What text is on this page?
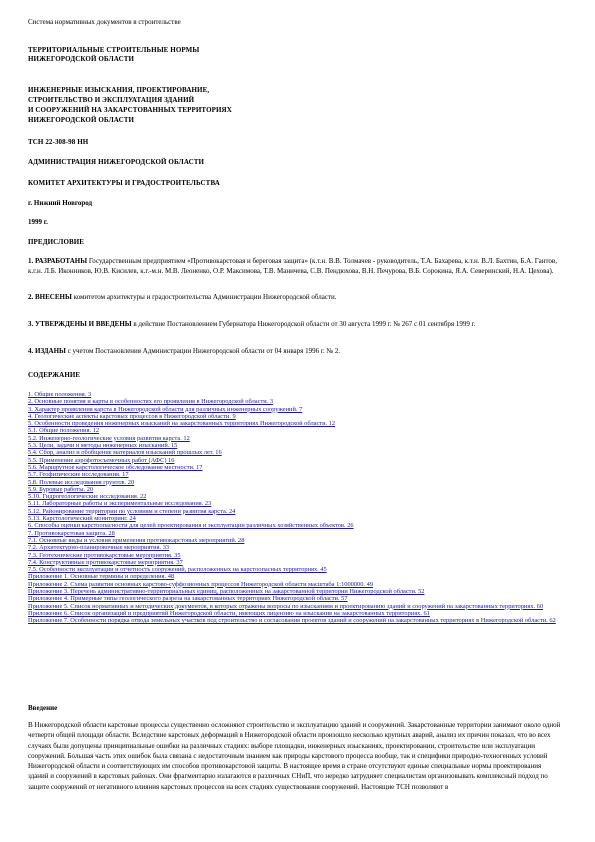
Система нормативных документов в строительстве
ТЕРРИТОРИАЛЬНЫЕ СТРОИТЕЛЬНЫЕ НОРМЫ
НИЖЕГОРОДСКОЙ ОБЛАСТИ
ИНЖЕНЕРНЫЕ ИЗЫСКАНИЯ, ПРОЕКТИРОВАНИЕ,
СТРОИТЕЛЬСТВО И ЭКСПЛУАТАЦИЯ ЗДАНИЙ
И СООРУЖЕНИЙ НА ЗАКАРСТОВАННЫХ ТЕРРИТОРИЯХ
НИЖЕГОРОДСКОЙ ОБЛАСТИ
ТСН 22-308-98 НН
АДМИНИСТРАЦИЯ НИЖЕГОРОДСКОЙ ОБЛАСТИ
КОМИТЕТ АРХИТЕКТУРЫ И ГРАДОСТРОИТЕЛЬСТВА
г. Нижний Новгород
1999 г.
ПРЕДИСЛОВИЕ
1. РАЗРАБОТАНЫ Государственным предприятием «Противокарстовая и береговая защита» (к.т.н. В.В. Толмачев - руководитель, Т.А. Бахарева, к.т.н. В.Л. Бахтин, Б.А. Гантов, к.г.н. Л.Б. Иконников, Ю.В. Кисилев, к.г.-м.н. М.В. Леоненко, О.Р. Максимова, Т.В. Маничева, С.В. Пендюхова, В.Н. Печурова, В.Б. Сорокина, Я.А. Северинский, Н.А. Цехова).
2. ВНЕСЕНЫ комитетом архитектуры и градостроительства Администрации Нижегородской области.
3. УТВЕРЖДЕНЫ И ВВЕДЕНЫ в действие Постановлением Губернатора Нижегородской области от 30 августа 1999 г. № 267 с 01 сентября 1999 г.
4. ИЗДАНЫ с учетом Постановления Администрации Нижегородской области от 04 января 1996 г. № 2.
СОДЕРЖАНИЕ
1. Общие положения. 3
2. Основные понятия и карты в особенностях его проявления в Нижегородской области. 3
3. Характер проявления карста в Нижегородской области для различных инженерных сооружений. 7
4. Геологические аспекты карстовых процессов в Нижегородской области. 9
5. Особенности проведения инженерных изысканий на закарстованных территориях Нижегородской области. 12
5.1. Общие положения. 12
5.2. Инженерно-геологические условия развития карста. 12
5.3. Цели, задачи и методы инженерных изысканий. 15
5.4. Сбор, анализ и обобщение материалов изысканий прошлых лет. 16
5.5. Применение аэрофотосъемочных работ (АФС) 16
5.6. Маршрутное карстологическое обследование местности. 17
5.7. Геофизические исследования. 17
5.8. Полевые исследования грунтов. 20
5.9. Буровые работы. 20
5.10. Гидрогеологические исследования. 22
5.11. Лабораторные работы и экспериментальные исследования. 23
5.12. Районирование территории по условиям и степени развития карста. 24
5.13. Карстологический мониторинг. 24
6. Способы оценки карстоопасности для целей проектирования и эксплуатации различных хозяйственных объектов. 26
7. Противокарстовая защита. 28
7.1. Основные виды и условия применения противокарстовых мероприятий. 28
7.2. Архитектурно-планировочные мероприятия. 33
7.3. Геотехнические противокарстовые мероприятия. 35
7.4. Конструктивные противокарстовые мероприятия. 37
7.5. Особенности эксплуатации и отчетность сооружений, расположенных на карстоопасных территориях. 45
Приложение 1. Основные термины и определения. 48
Приложение 2. Схема развития основных карстово-суффозионных процессов Нижегородской области масштаба 1:1000000. 49
Приложение 3. Перечень административно-территориальных единиц, расположенных на закарстованной территории Нижегородской области. 52
Приложение 4. Примерные типы геологического разреза на закарстованных территориях Нижегородской области. 57
Приложение 5. Список нормативных и методических документов, в которых отражены вопросы по изысканиям и проектированию зданий и сооружений на закарстованных территориях. 60
Приложение 6. Список организаций и предприятий Нижегородской области, имеющих лицензию на изыскания на закарстованных территориях. 61
Приложение 7. Особенности порядка отвода земельных участков под строительство и согласования проектов зданий и сооружений на закарстованных территориях в Нижегородской области. 62
Введение
В Нижегородской области карстовые процессы существенно осложняют строительство и эксплуатацию зданий и сооружений. Закарстованные территории занимают около одной четверти общей площади области. Вследствие карстовых деформаций в Нижегородской области произошло несколько крупных аварий, анализ их причин показал, что во всех случаях были допущены принципиальные ошибки на различных стадиях: выборе площадки, инженерных изысканиях, проектировании, строительстве или эксплуатации сооружений. Большая часть этих ошибок была связана с недостаточным знанием как природы карстового процесса вообще, так и специфики природно-техногенных условий Нижегородской области и соответствующих им способов противокарстовой защиты. В настоящее время в стране отсутствуют единые специальные нормы проектирования зданий и сооружений в карстовых районах. Они фрагментарно излагаются в различных СНиП, что нередко затрудняет специалистам организовывать комплексный подход по защите сооружений от негативного влияния карстовых процессов на всех стадиях существования сооружений. Настоящие ТСН позволяют в
